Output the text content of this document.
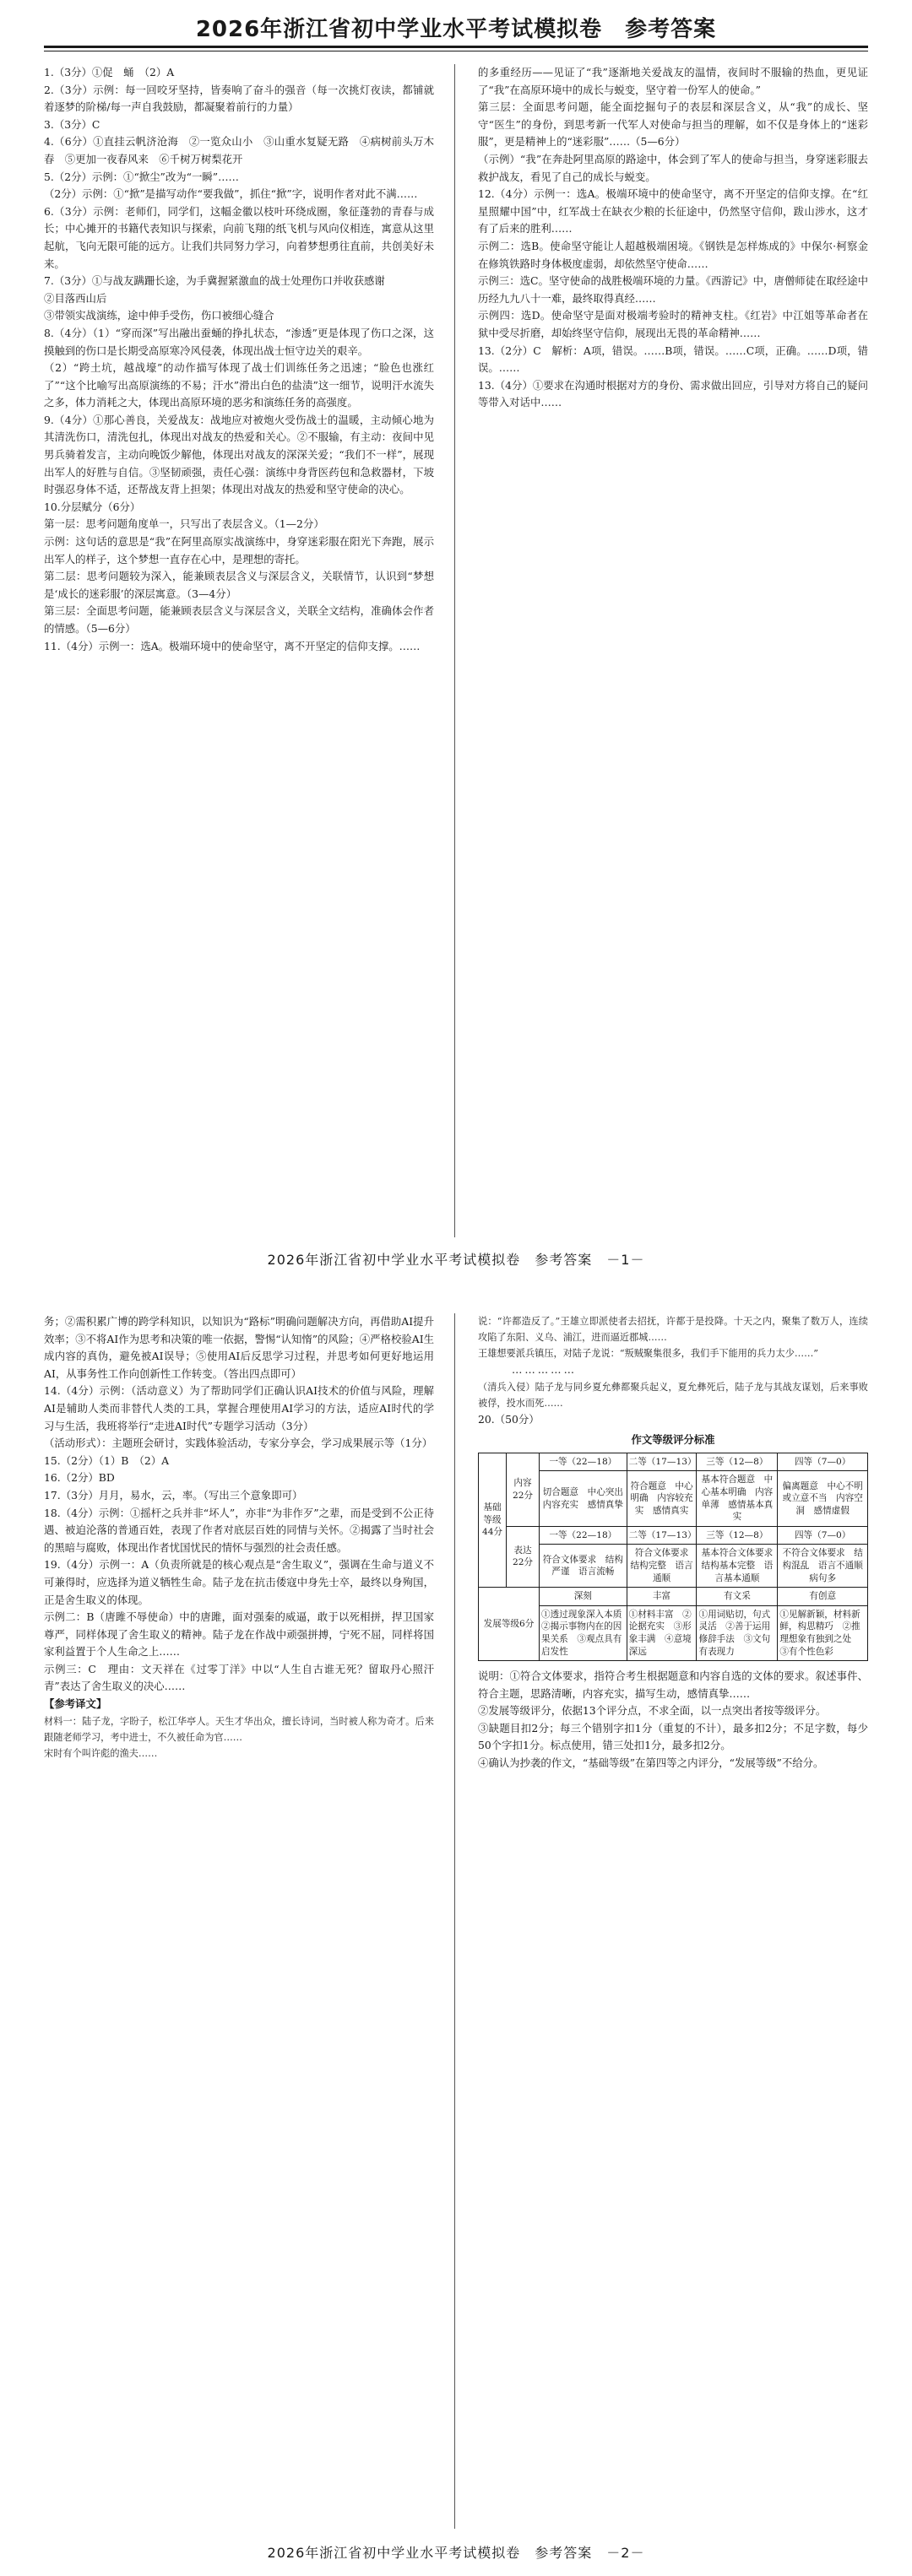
2026年浙江省初中学业水平考试模拟卷　参考答案

1.（3分）①促　蛹　（2）A

2.（3分）示例：每一回咬牙坚持，皆奏响了奋斗的强音（每一次挑灯夜读，都铺就着逐梦的阶梯/每一声自我鼓励，都凝聚着前行的力量）

3.（3分）C

4.（6分）①直挂云帆济沧海　②一览众山小　③山重水复疑无路　④病树前头万木春　⑤更加一夜春风来　⑥千树万树梨花开

5.（2分）示例：①“掀尘”改为“一瞬”……

（2分）示例：①“掀”是描写动作“要我做”，抓住“掀”字，说明作者对此不满……

6.（3分）示例：老师们，同学们，这幅金徽以枝叶环绕成圈，象征蓬勃的青春与成长；中心摊开的书籍代表知识与探索，向前飞翔的纸飞机与风向仪相连，寓意从这里起航，飞向无限可能的远方。让我们共同努力学习，向着梦想勇往直前，共创美好未来。

7.（3分）①与战友蹒跚长途，为手冀握紧激血的战士处理伤口并收获感谢

②目落西山后

③带领实战演练，途中伸手受伤，伤口被细心缝合

8.（4分）（1）“穿而深”写出融出蚕蛹的挣扎状态，“渗透”更是体现了伤口之深，这摸触到的伤口是长期受高原寒冷风侵袭，体现出战士恒守边关的艰辛。

（2）“跨土坑，越战壕”的动作描写体现了战士们训练任务之迅速；“脸色也涨红了”“这个比喻写出高原演练的不易；汗水”滑出白色的盐渍”这一细节，说明汗水流失之多，体力消耗之大，体现出高原环境的恶劣和演练任务的高强度。

9.（4分）①那心善良，关爱战友：战地应对被炮火受伤战士的温暖，主动倾心地为其清洗伤口，清洗包扎，体现出对战友的热爱和关心。②不服输，有主动：夜间中见男兵骑着发言，主动向晚饭少解他，体现出对战友的深深关爱；“我们不一样”，展现出军人的好胜与自信。③坚韧顽强，责任心强：演练中身背医药包和急救器材，下坡时强忍身体不适，还帮战友背上担架；体现出对战友的热爱和坚守使命的决心。

10.分层赋分（6分）

第一层：思考问题角度单一，只写出了表层含义。（1—2分）

示例：这句话的意思是“我”在阿里高原实战演练中，身穿迷彩服在阳光下奔跑，展示出军人的样子，这个梦想一直存在心中，是理想的寄托。

第二层：思考问题较为深入，能兼顾表层含义与深层含义，关联情节，认识到“梦想是‘成长的迷彩服’的深层寓意。（3—4分）

第三层：全面思考问题，能兼顾表层含义与深层含义，关联全文结构，准确体会作者的情感。（5—6分）

11.（4分）示例一：选A。极端环境中的使命坚守，离不开坚定的信仰支撑。……

的多重经历——见证了“我”逐渐地关爱战友的温情，夜间时不服输的热血，更见证了“我”在高原环境中的成长与蜕变，坚守着一份军人的使命。”

第三层：全面思考问题，能全面挖掘句子的表层和深层含义，从“我”的成长、坚守“医生”的身份，到思考新一代军人对使命与担当的理解，如不仅是身体上的“迷彩服”，更是精神上的“迷彩服”……（5—6分）

（示例）“我”在奔赴阿里高原的路途中，体会到了军人的使命与担当，身穿迷彩服去救护战友，看见了自己的成长与蜕变。

12.（4分）示例一：选A。极端环境中的使命坚守，离不开坚定的信仰支撑。在“红星照耀中国”中，红军战士在缺衣少粮的长征途中，仍然坚守信仰，跋山涉水，这才有了后来的胜利……

示例二：选B。使命坚守能让人超越极端困境。《钢铁是怎样炼成的》中保尔·柯察金在修筑铁路时身体极度虚弱，却依然坚守使命……

示例三：选C。坚守使命的战胜极端环境的力量。《西游记》中，唐僧师徒在取经途中历经九九八十一难，最终取得真经……

示例四：选D。使命坚守是面对极端考验时的精神支柱。《红岩》中江姐等革命者在狱中受尽折磨，却始终坚守信仰，展现出无畏的革命精神……

13.（2分）C　解析：A项，错误。……B项，错误。……C项，正确。……D项，错误。……

13.（4分）①要求在沟通时根据对方的身份、需求做出回应，引导对方将自己的疑问等带入对话中……

2026年浙江省初中学业水平考试模拟卷　参考答案　－1－

务；②需积累广博的跨学科知识，以知识为“路标”明确问题解决方向，再借助AI提升效率；③不将AI作为思考和决策的唯一依据，警惕“认知惰”的风险；④严格校验AI生成内容的真伪，避免被AI误导；⑤使用AI后反思学习过程，并思考如何更好地运用AI，从事务性工作向创新性工作转变。（答出四点即可）

14.（4分）示例：（活动意义）为了帮助同学们正确认识AI技术的价值与风险，理解AI是辅助人类而非替代人类的工具，掌握合理使用AI学习的方法，适应AI时代的学习与生活，我班将举行“走进AI时代”专题学习活动（3分）

（活动形式）：主题班会研讨，实践体验活动，专家分享会，学习成果展示等（1分）

15.（2分）（1）B　（2）A

16.（2分）BD

17.（3分）月月，易水，云，率。（写出三个意象即可）

18.（4分）示例：①摇杆之兵并非“坏人”，亦非“为非作歹”之辈，而是受到不公正待遇、被迫沦落的普通百姓，表现了作者对底层百姓的同情与关怀。②揭露了当时社会的黑暗与腐败，体现出作者忧国忧民的情怀与强烈的社会责任感。

19.（4分）示例一：A（负责所就是的核心观点是“舍生取义”，强调在生命与道义不可兼得时，应选择为道义牺牲生命。陆子龙在抗击倭寇中身先士卒，最终以身殉国，正是舍生取义的体现。

示例二：B（唐雎不辱使命）中的唐雎，面对强秦的威逼，敢于以死相拼，捍卫国家尊严，同样体现了舍生取义的精神。陆子龙在作战中顽强拼搏，宁死不屈，同样将国家利益置于个人生命之上……

示例三：C　理由：文天祥在《过零丁洋》中以“人生自古谁无死？留取丹心照汗青”表达了舍生取义的决心……

【参考译文】

材料一：陆子龙，字盼子，松江华亭人。天生才华出众，擅长诗词，当时被人称为奇才。后来跟随老师学习，考中进士，不久被任命为官……

宋时有个叫许彪的渔夫……

说：“许都造反了。”王雄立即派使者去招抚，许都于是投降。十天之内，聚集了数万人，连续攻陷了东阳、义乌、浦江，进而逼近郡城……

王雄想要派兵镇压，对陆子龙说：“叛贼聚集很多，我们手下能用的兵力太少……”

……………

（清兵入侵）陆子龙与同乡夏允彝都聚兵起义，夏允彝死后，陆子龙与其战友谋划，后来事败被俘，投水而死……

20.（50分）

作文等级评分标准
基础等级44分	内容22分	一等（22—18）	二等（17—13）	三等（12—8）	四等（7—0）
		切合题意　中心突出　内容充实　感情真挚	符合题意　中心明确　内容较充实　感情真实	基本符合题意　中心基本明确　内容单薄　感情基本真实	偏离题意　中心不明或立意不当　内容空洞　感情虚假
	表达22分	一等（22—18）	二等（17—13）	三等（12—8）	四等（7—0）
		符合文体要求　结构严谨　语言流畅	符合文体要求　结构完整　语言通顺	基本符合文体要求　结构基本完整　语言基本通顺	不符合文体要求　结构混乱　语言不通顺　病句多
发展等级6分		深刻	丰富	有文采	有创意
		①透过现象深入本质　②揭示事物内在的因果关系　③观点具有启发性	①材料丰富　②论据充实　③形象丰满　④意境深远	①用词贴切，句式灵活　②善于运用修辞手法　③文句有表现力	①见解新颖，材料新鲜，构思精巧　②推理想象有独到之处　③有个性色彩

说明：①符合文体要求，指符合考生根据题意和内容自选的文体的要求。叙述事件、符合主题，思路清晰，内容充实，描写生动，感情真挚……

②发展等级评分，依据13个评分点，不求全面，以一点突出者按等级评分。

③缺题目扣2分；每三个错别字扣1分（重复的不计），最多扣2分；不足字数，每少50个字扣1分。标点使用，错三处扣1分，最多扣2分。

④确认为抄袭的作文，“基础等级”在第四等之内评分，“发展等级”不给分。

2026年浙江省初中学业水平考试模拟卷　参考答案　－2－
